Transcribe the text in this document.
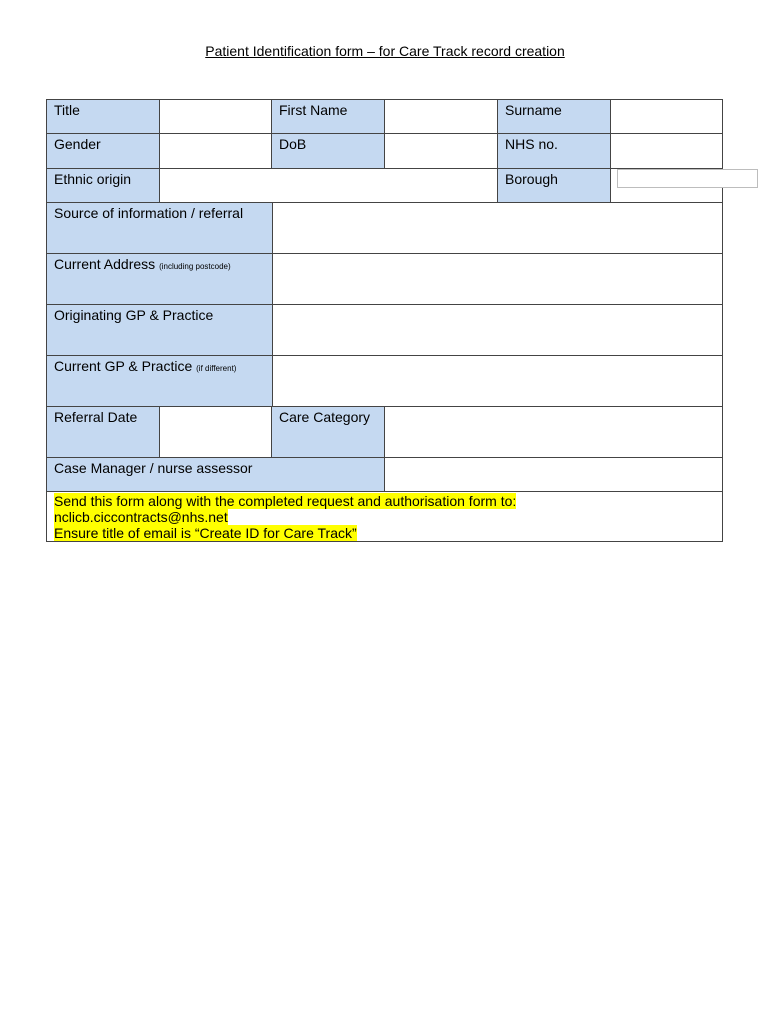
Patient Identification form – for Care Track record creation
Title	First Name	Surname
Gender	DoB	NHS no.
Ethnic origin	Borough
Source of information / referral
Current Address (including postcode)
Originating GP & Practice
Current GP & Practice (if different)
Referral Date	Care Category
Case Manager / nurse assessor
Send this form along with the completed request and authorisation form to:
nclicb.ciccontracts@nhs.net
Ensure title of email is “Create ID for Care Track”
